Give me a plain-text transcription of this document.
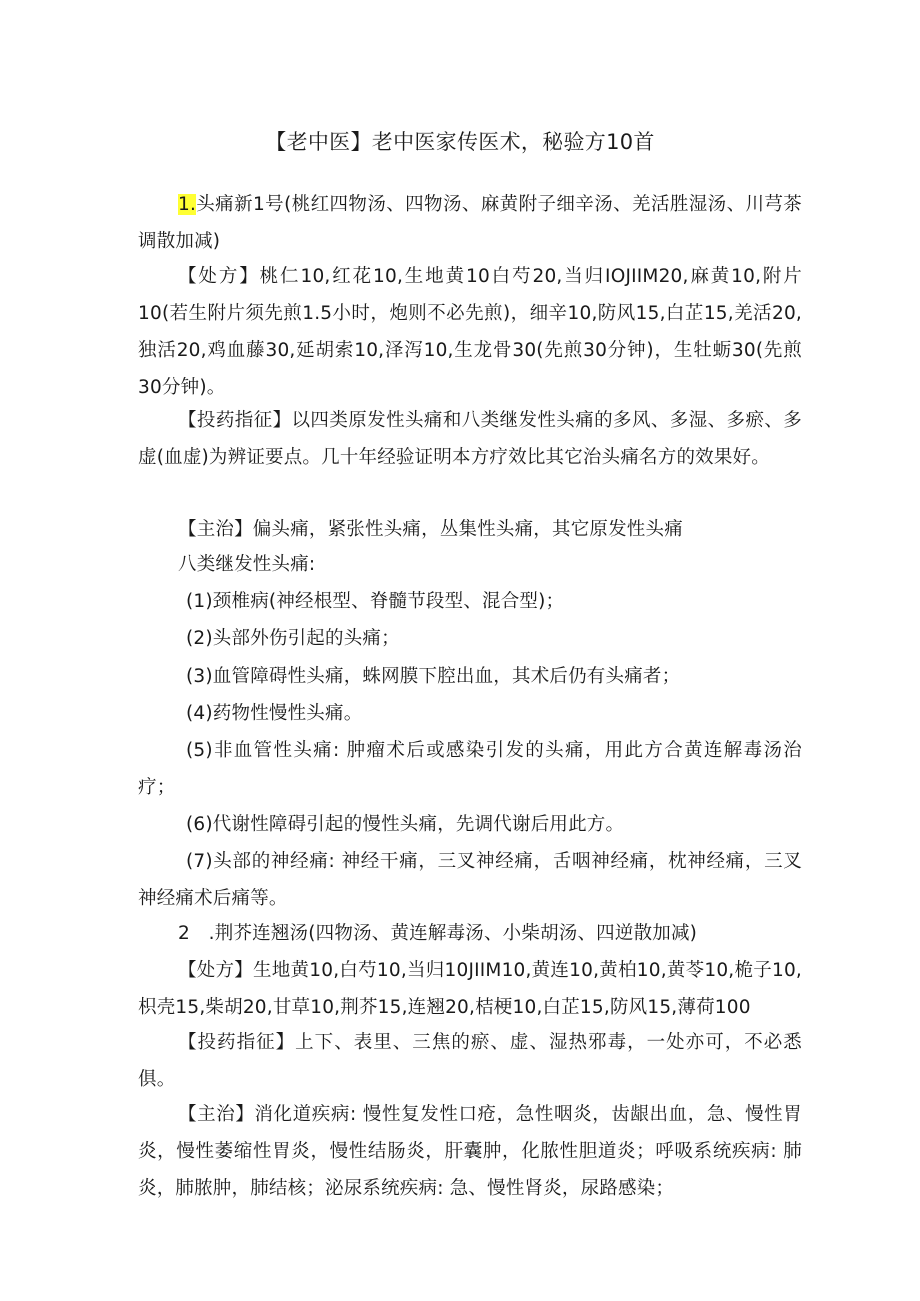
【老中医】老中医家传医术，秘验方10首
1.头痛新1号(桃红四物汤、四物汤、麻黄附子细辛汤、羌活胜湿汤、川芎茶调散加减)
【处方】桃仁10,红花10,生地黄10白芍20,当归IOJIIM20,麻黄10,附片10(若生附片须先煎1.5小时，炮则不必先煎)，细辛10,防风15,白芷15,羌活20,独活20,鸡血藤30,延胡索10,泽泻10,生龙骨30(先煎30分钟)，生牡蛎30(先煎30分钟)。
【投药指征】以四类原发性头痛和八类继发性头痛的多风、多湿、多瘀、多虚(血虚)为辨证要点。几十年经验证明本方疗效比其它治头痛名方的效果好。
【主治】偏头痛，紧张性头痛，丛集性头痛，其它原发性头痛
八类继发性头痛:
(1)颈椎病(神经根型、脊髓节段型、混合型)；
(2)头部外伤引起的头痛；
(3)血管障碍性头痛，蛛网膜下腔出血，其术后仍有头痛者；
(4)药物性慢性头痛。
(5)非血管性头痛: 肿瘤术后或感染引发的头痛，用此方合黄连解毒汤治疗；
(6)代谢性障碍引起的慢性头痛，先调代谢后用此方。
(7)头部的神经痛: 神经干痛，三叉神经痛，舌咽神经痛，枕神经痛，三叉神经痛术后痛等。
2　.荆芥连翘汤(四物汤、黄连解毒汤、小柴胡汤、四逆散加减)
【处方】生地黄10,白芍10,当归10JIIM10,黄连10,黄柏10,黄苓10,桅子10,枳壳15,柴胡20,甘草10,荆芥15,连翘20,桔梗10,白芷15,防风15,薄荷100
【投药指征】上下、表里、三焦的瘀、虚、湿热邪毒，一处亦可，不必悉俱。
【主治】消化道疾病: 慢性复发性口疮，急性咽炎，齿龈出血，急、慢性胃炎，慢性萎缩性胃炎，慢性结肠炎，肝囊肿，化脓性胆道炎；呼吸系统疾病: 肺炎，肺脓肿，肺结核；泌尿系统疾病: 急、慢性肾炎，尿路感染；
